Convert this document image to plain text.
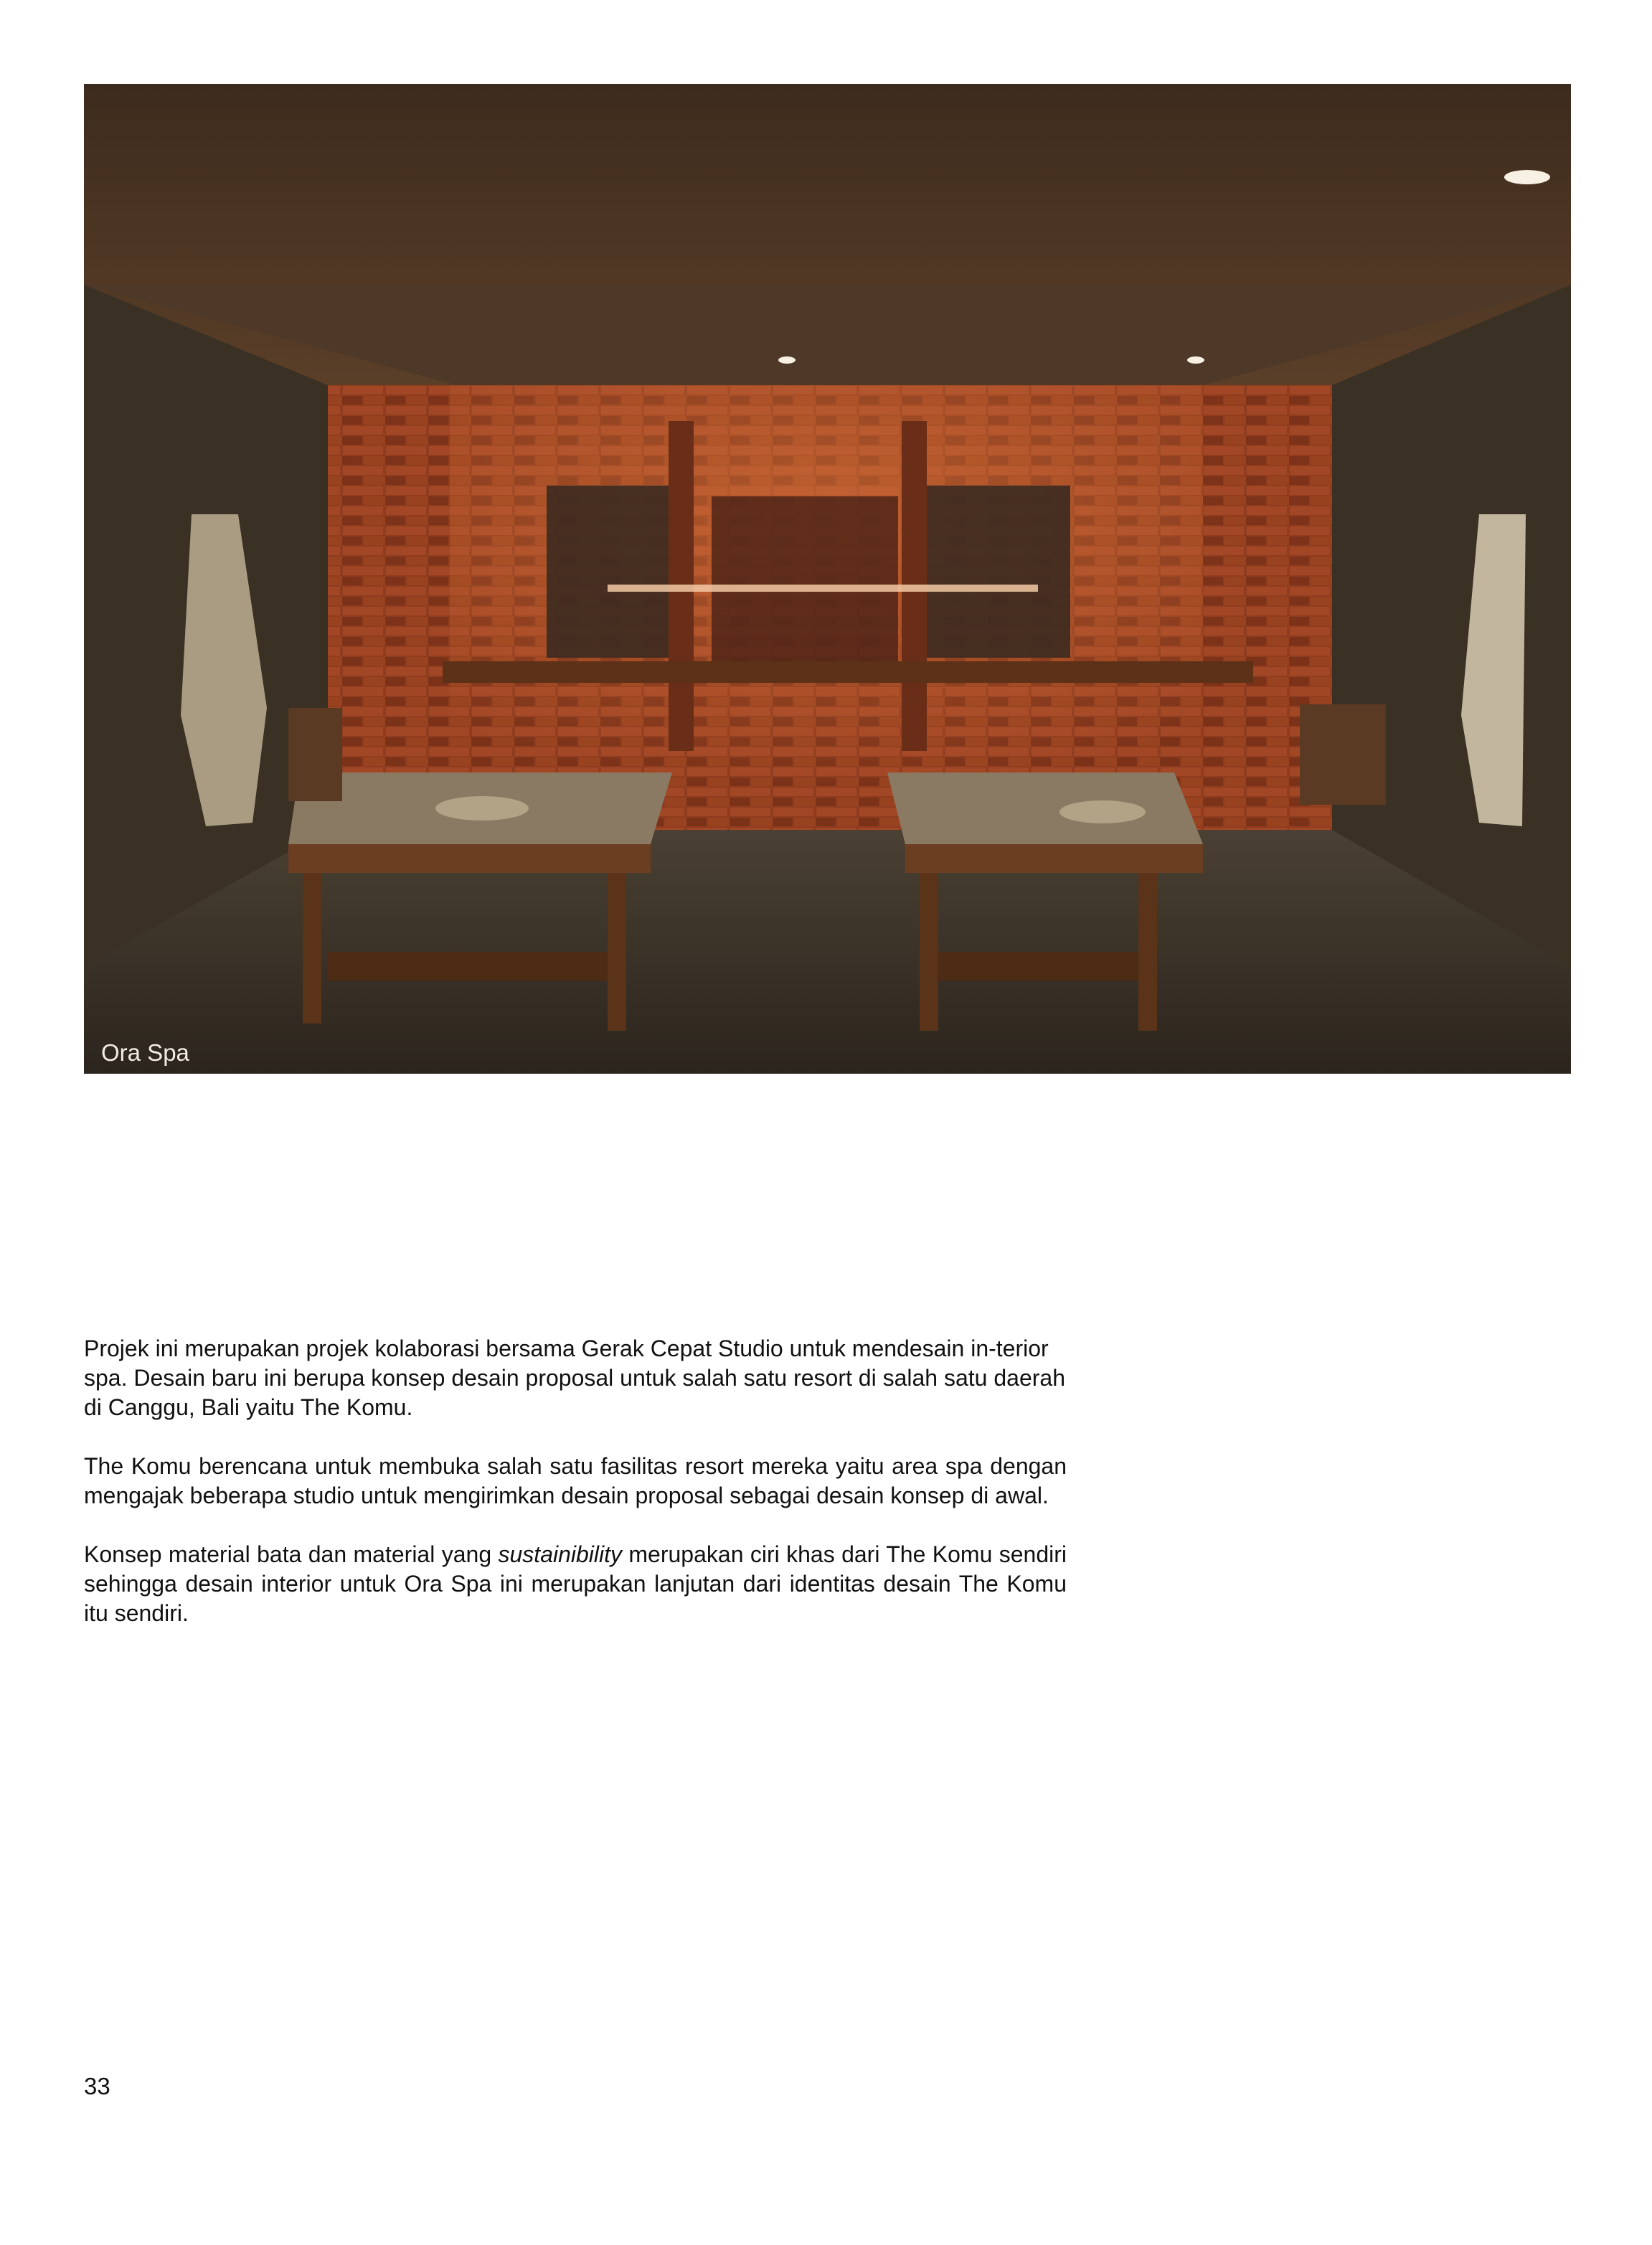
Ora Spa

Projek ini merupakan projek kolaborasi bersama Gerak Cepat Studio untuk mendesain in-terior spa. Desain baru ini berupa konsep desain proposal untuk salah satu resort di salah satu daerah di Canggu, Bali yaitu The Komu.

The Komu berencana untuk membuka salah satu fasilitas resort mereka yaitu area spa dengan mengajak beberapa studio untuk mengirimkan desain proposal sebagai desain konsep di awal.

Konsep material bata dan material yang sustainibility merupakan ciri khas dari The Komu sendiri sehingga desain interior untuk Ora Spa ini merupakan lanjutan dari identitas desain The Komu itu sendiri.

33
